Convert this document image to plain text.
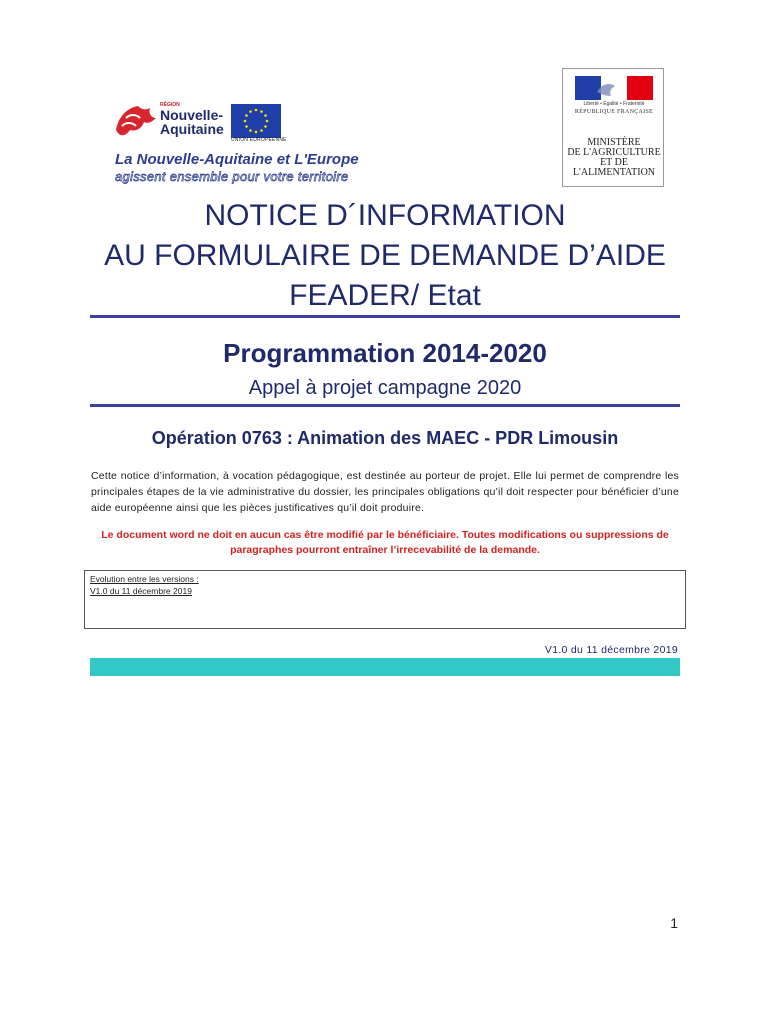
RÉGION
Nouvelle-
Aquitaine
UNION EUROPÉENNE
La Nouvelle-Aquitaine et L'Europe
agissent ensemble pour votre territoire
Liberté • Égalité • Fraternité
RÉPUBLIQUE FRANÇAISE
MINISTÈRE
DE L'AGRICULTURE
ET DE
L'ALIMENTATION
NOTICE D´INFORMATION
AU FORMULAIRE DE DEMANDE D’AIDE
FEADER/ Etat
Programmation 2014-2020
Appel à projet campagne 2020
Opération 0763 : Animation des MAEC - PDR Limousin
Cette notice d’information, à vocation pédagogique, est destinée au porteur de projet. Elle lui permet de comprendre les principales étapes de la vie administrative du dossier, les principales obligations qu’il doit respecter pour bénéficier d’une aide européenne ainsi que les pièces justificatives qu’il doit produire.
Le document word ne doit en aucun cas être modifié par le bénéficiaire. Toutes modifications ou suppressions de paragraphes pourront entraîner l’irrecevabilité de la demande.
Evolution entre les versions :
V1.0 du 11 décembre 2019
V1.0 du 11 décembre 2019
1
